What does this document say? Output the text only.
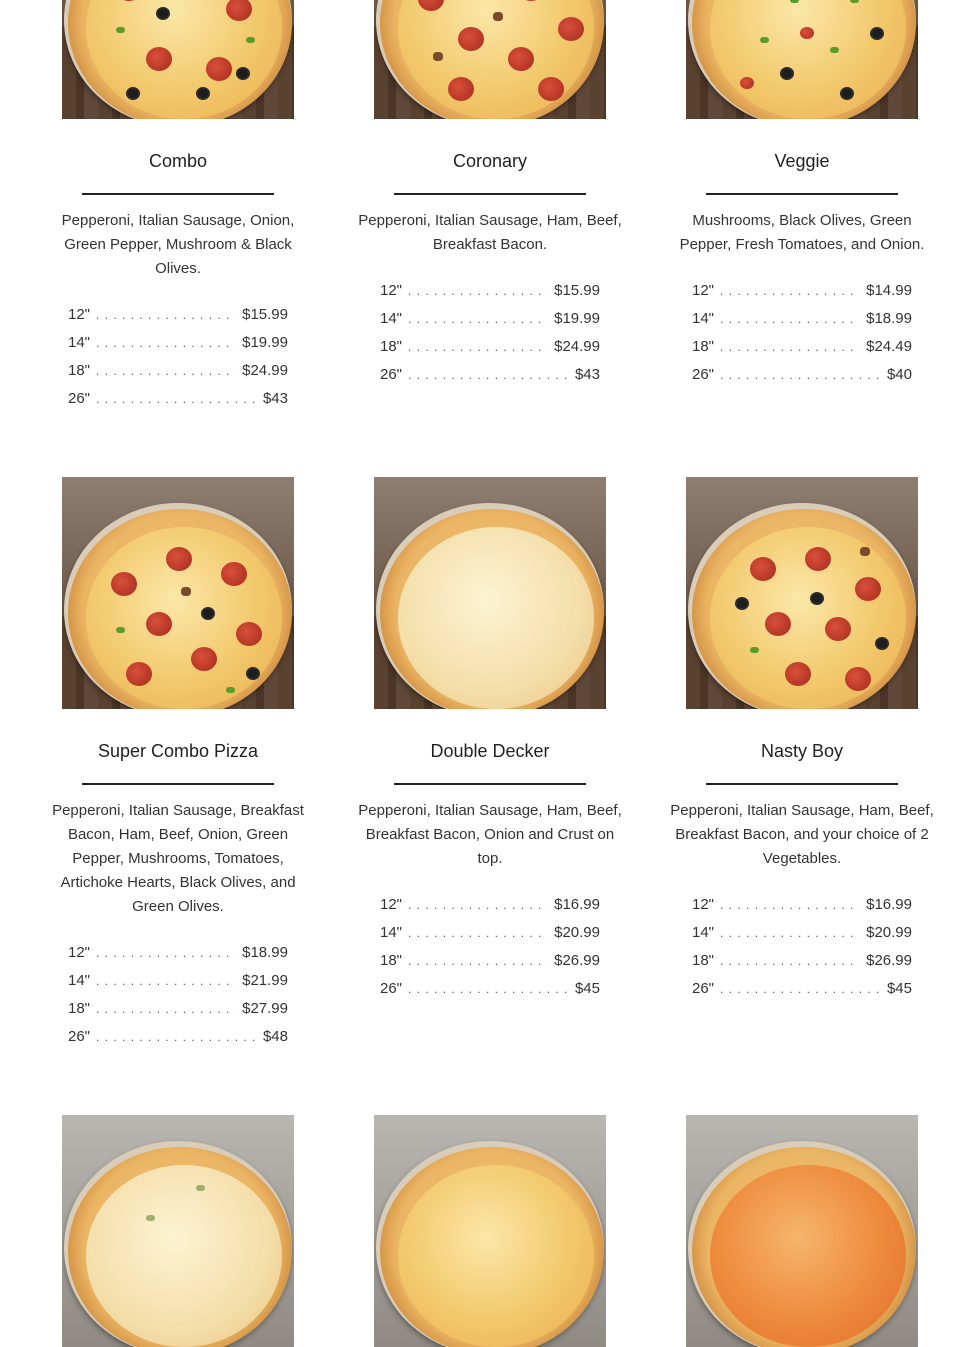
Combo
Pepperoni, Italian Sausage, Onion, Green Pepper, Mushroom & Black Olives.
12" . . .	$15.99
14" . . .	$19.99
18" . . .	$24.99
26" . . .	$43
Coronary
Pepperoni, Italian Sausage, Ham, Beef, Breakfast Bacon.
12" . . .	$15.99
14" . . .	$19.99
18" . . .	$24.99
26" . . .	$43
Veggie
Mushrooms, Black Olives, Green Pepper, Fresh Tomatoes, and Onion.
12" . . .	$14.99
14" . . .	$18.99
18" . . .	$24.49
26" . . .	$40
Super Combo Pizza
Pepperoni, Italian Sausage, Breakfast Bacon, Ham, Beef, Onion, Green Pepper, Mushrooms, Tomatoes, Artichoke Hearts, Black Olives, and Green Olives.
12" . . .	$18.99
14" . . .	$21.99
18" . . .	$27.99
26" . . .	$48
Double Decker
Pepperoni, Italian Sausage, Ham, Beef, Breakfast Bacon, Onion and Crust on top.
12" . . .	$16.99
14" . . .	$20.99
18" . . .	$26.99
26" . . .	$45
Nasty Boy
Pepperoni, Italian Sausage, Ham, Beef, Breakfast Bacon, and your choice of 2 Vegetables.
12" . . .	$16.99
14" . . .	$20.99
18" . . .	$26.99
26" . . .	$45
